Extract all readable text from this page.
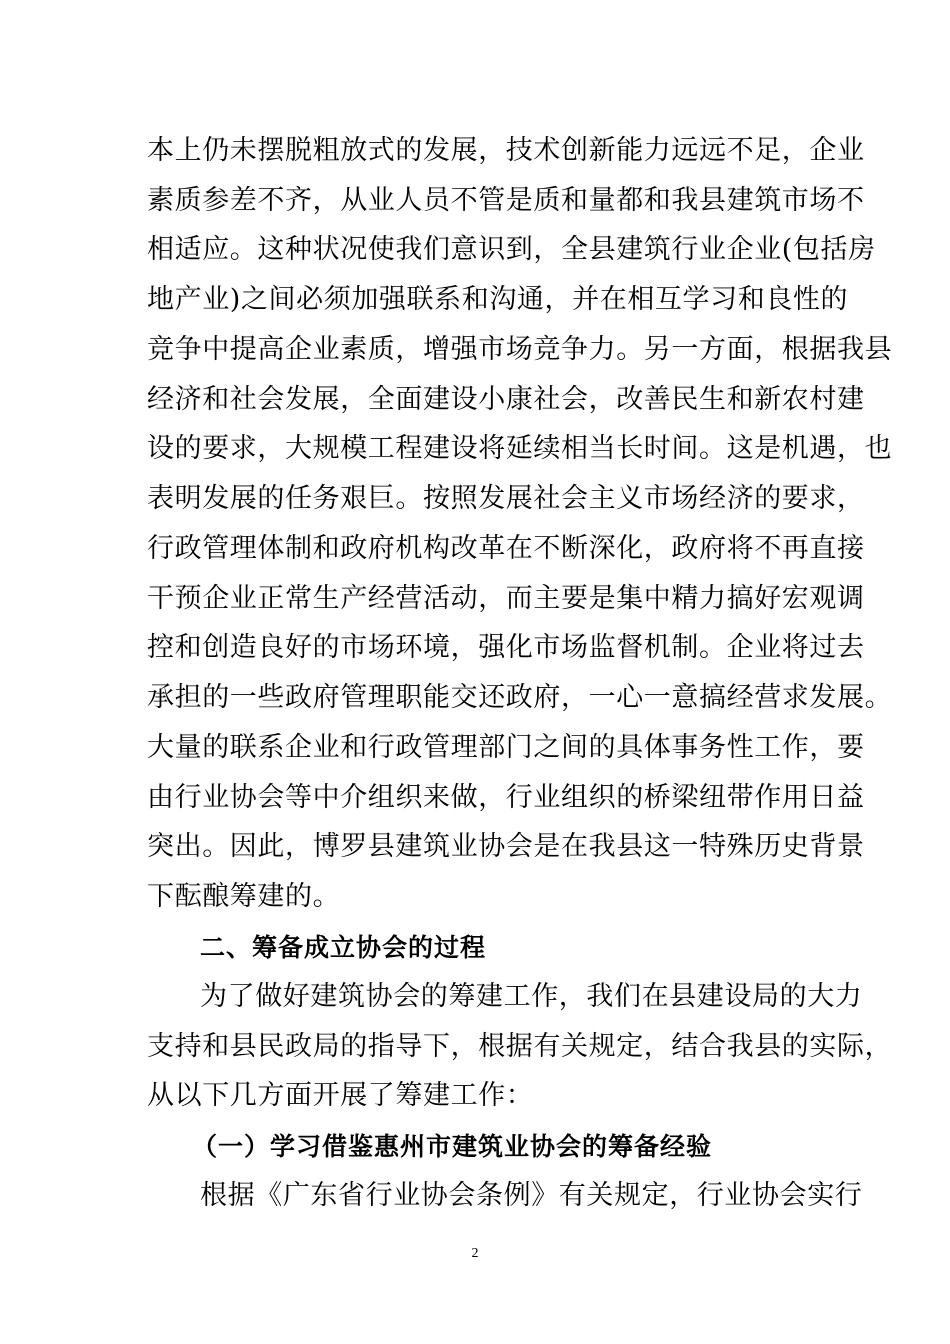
本上仍未摆脱粗放式的发展，技术创新能力远远不足，企业
素质参差不齐，从业人员不管是质和量都和我县建筑市场不
相适应。这种状况使我们意识到，全县建筑行业企业(包括房
地产业)之间必须加强联系和沟通，并在相互学习和良性的
竞争中提高企业素质，增强市场竞争力。另一方面，根据我县
经济和社会发展，全面建设小康社会，改善民生和新农村建
设的要求，大规模工程建设将延续相当长时间。这是机遇，也
表明发展的任务艰巨。按照发展社会主义市场经济的要求，
行政管理体制和政府机构改革在不断深化，政府将不再直接
干预企业正常生产经营活动，而主要是集中精力搞好宏观调
控和创造良好的市场环境，强化市场监督机制。企业将过去
承担的一些政府管理职能交还政府，一心一意搞经营求发展。
大量的联系企业和行政管理部门之间的具体事务性工作，要
由行业协会等中介组织来做，行业组织的桥梁纽带作用日益
突出。因此，博罗县建筑业协会是在我县这一特殊历史背景
下酝酿筹建的。
二、筹备成立协会的过程
为了做好建筑协会的筹建工作，我们在县建设局的大力
支持和县民政局的指导下，根据有关规定，结合我县的实际，
从以下几方面开展了筹建工作：
（一）学习借鉴惠州市建筑业协会的筹备经验
根据《广东省行业协会条例》有关规定，行业协会实行
2
